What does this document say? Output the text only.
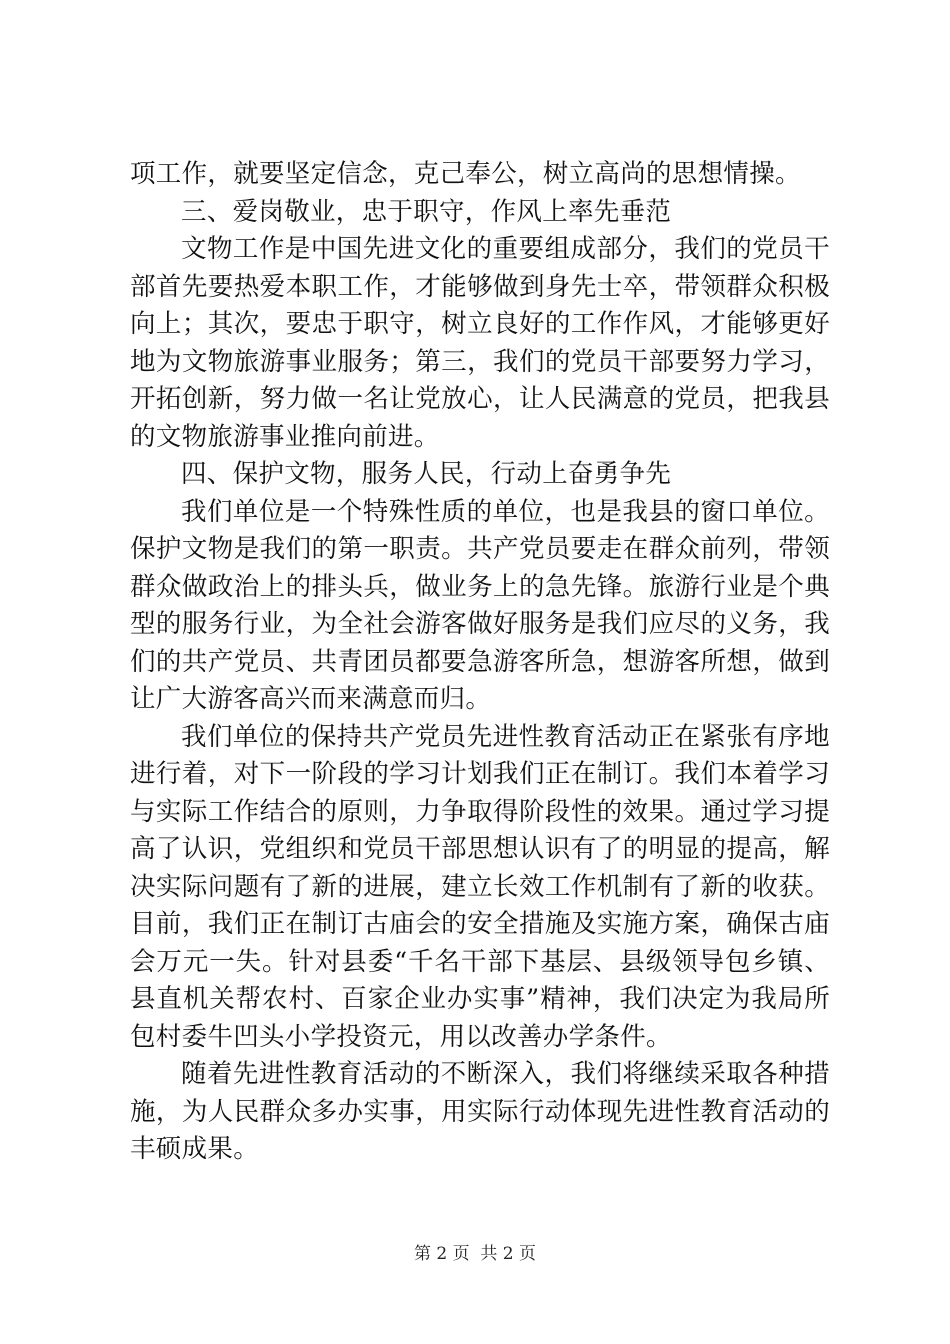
项工作，就要坚定信念，克己奉公，树立高尚的思想情操。
三、爱岗敬业，忠于职守，作风上率先垂范
文物工作是中国先进文化的重要组成部分，我们的党员干
部首先要热爱本职工作，才能够做到身先士卒，带领群众积极
向上；其次，要忠于职守，树立良好的工作作风，才能够更好
地为文物旅游事业服务；第三，我们的党员干部要努力学习，
开拓创新，努力做一名让党放心，让人民满意的党员，把我县
的文物旅游事业推向前进。
四、保护文物，服务人民，行动上奋勇争先
我们单位是一个特殊性质的单位，也是我县的窗口单位。
保护文物是我们的第一职责。共产党员要走在群众前列，带领
群众做政治上的排头兵，做业务上的急先锋。旅游行业是个典
型的服务行业，为全社会游客做好服务是我们应尽的义务，我
们的共产党员、共青团员都要急游客所急，想游客所想，做到
让广大游客高兴而来满意而归。
我们单位的保持共产党员先进性教育活动正在紧张有序地
进行着，对下一阶段的学习计划我们正在制订。我们本着学习
与实际工作结合的原则，力争取得阶段性的效果。通过学习提
高了认识，党组织和党员干部思想认识有了的明显的提高，解
决实际问题有了新的进展，建立长效工作机制有了新的收获。
目前，我们正在制订古庙会的安全措施及实施方案，确保古庙
会万元一失。针对县委“千名干部下基层、县级领导包乡镇、
县直机关帮农村、百家企业办实事”精神，我们决定为我局所
包村委牛凹头小学投资元，用以改善办学条件。
随着先进性教育活动的不断深入，我们将继续采取各种措
施，为人民群众多办实事，用实际行动体现先进性教育活动的
丰硕成果。
第 2 页  共 2 页
